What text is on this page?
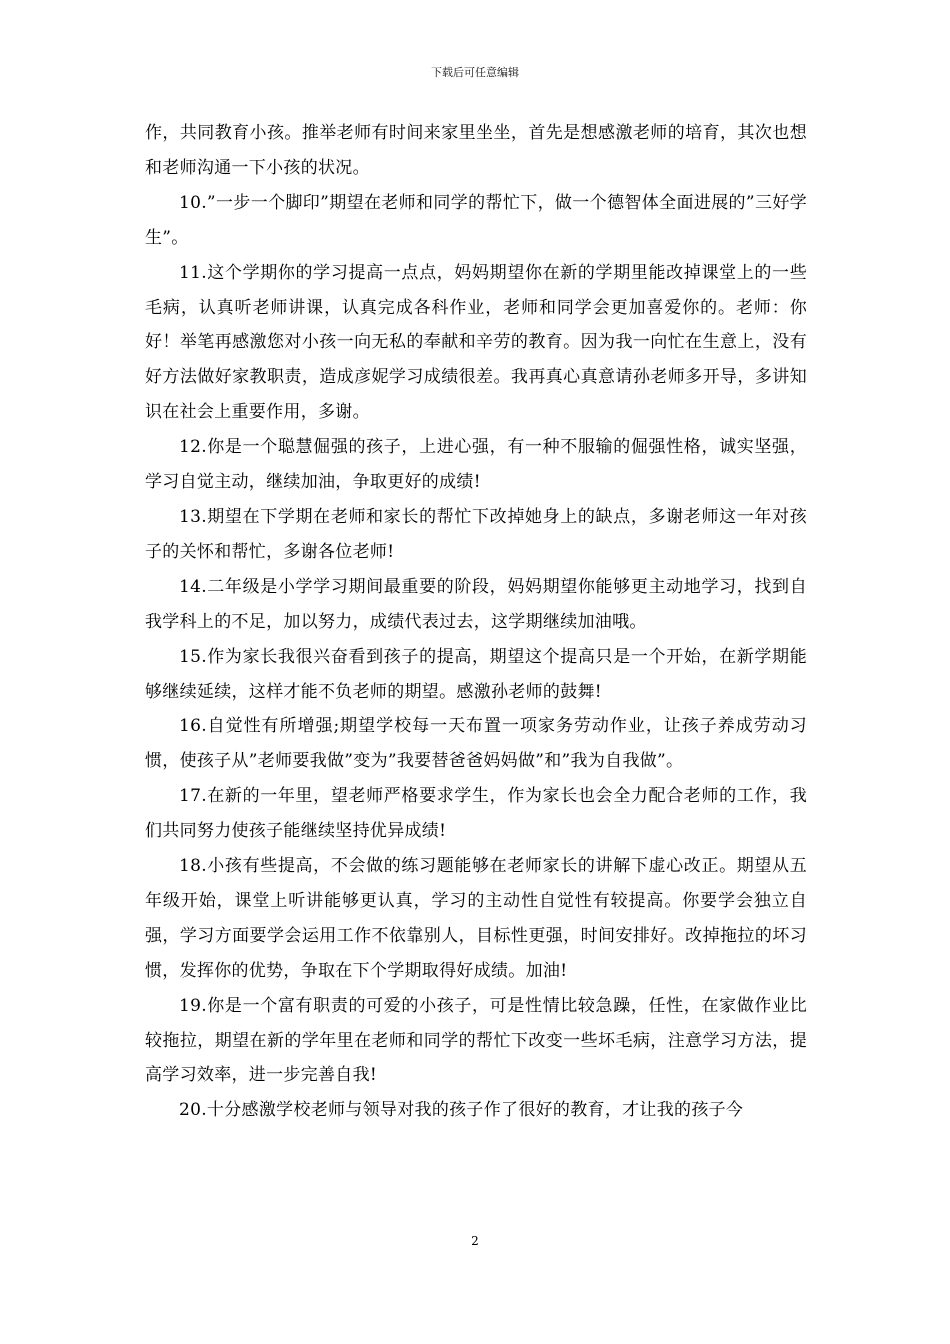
下载后可任意编辑

作，共同教育小孩。推举老师有时间来家里坐坐，首先是想感激老师的培育，其次也想和老师沟通一下小孩的状况。

10.”一步一个脚印”期望在老师和同学的帮忙下，做一个德智体全面进展的”三好学生”。

11.这个学期你的学习提高一点点，妈妈期望你在新的学期里能改掉课堂上的一些毛病，认真听老师讲课，认真完成各科作业，老师和同学会更加喜爱你的。老师：你好！举笔再感激您对小孩一向无私的奉献和辛劳的教育。因为我一向忙在生意上，没有好方法做好家教职责，造成彦妮学习成绩很差。我再真心真意请孙老师多开导，多讲知识在社会上重要作用，多谢。

12.你是一个聪慧倔强的孩子，上进心强，有一种不服输的倔强性格，诚实坚强，学习自觉主动，继续加油，争取更好的成绩!

13.期望在下学期在老师和家长的帮忙下改掉她身上的缺点，多谢老师这一年对孩子的关怀和帮忙，多谢各位老师!

14.二年级是小学学习期间最重要的阶段，妈妈期望你能够更主动地学习，找到自我学科上的不足，加以努力，成绩代表过去，这学期继续加油哦。

15.作为家长我很兴奋看到孩子的提高，期望这个提高只是一个开始，在新学期能够继续延续，这样才能不负老师的期望。感激孙老师的鼓舞!

16.自觉性有所增强;期望学校每一天布置一项家务劳动作业，让孩子养成劳动习惯，使孩子从”老师要我做”变为”我要替爸爸妈妈做”和”我为自我做”。

17.在新的一年里，望老师严格要求学生，作为家长也会全力配合老师的工作，我们共同努力使孩子能继续坚持优异成绩!

18.小孩有些提高，不会做的练习题能够在老师家长的讲解下虚心改正。期望从五年级开始，课堂上听讲能够更认真，学习的主动性自觉性有较提高。你要学会独立自强，学习方面要学会运用工作不依靠别人，目标性更强，时间安排好。改掉拖拉的坏习惯，发挥你的优势，争取在下个学期取得好成绩。加油!

19.你是一个富有职责的可爱的小孩子，可是性情比较急躁，任性，在家做作业比较拖拉，期望在新的学年里在老师和同学的帮忙下改变一些坏毛病，注意学习方法，提高学习效率，进一步完善自我!

20.十分感激学校老师与领导对我的孩子作了很好的教育，才让我的孩子今

2
